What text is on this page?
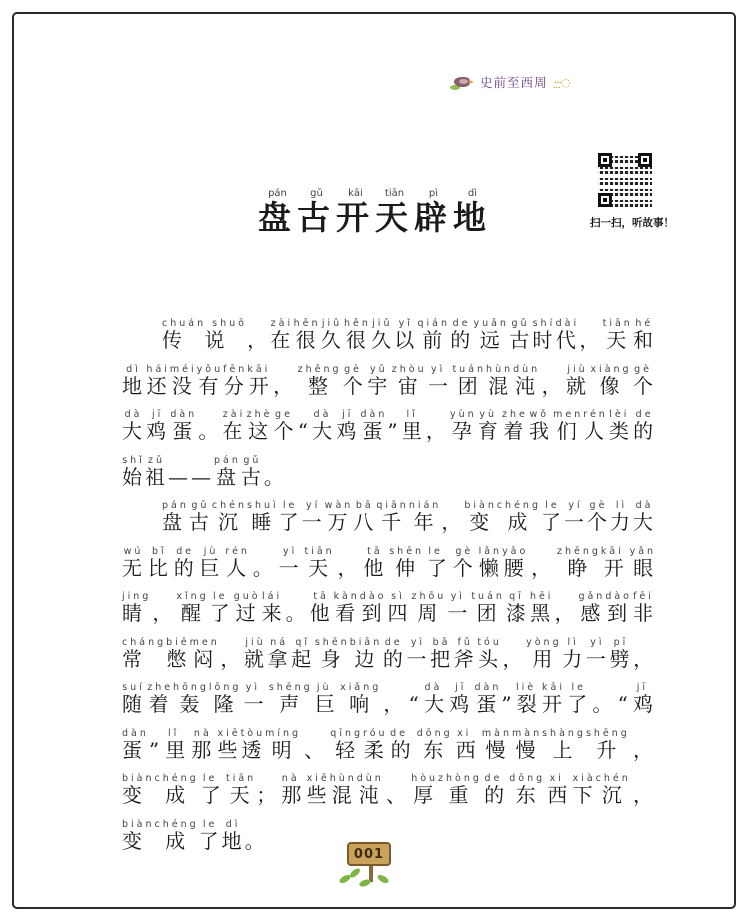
史前至西周 ·̣·̣·̣◌
扫一扫，听故事！
盘pán古gǔ开kāi天tiān辟pì地dì

传说chuán shuō， 在zài很hěn久jiǔ很hěn久jiǔ以yǐ前qián的de远yuǎn古gǔ时shí代dài， 天tiān和hé地dì还hái没méi有yǒu分fēn开kāi， 整zhěng个gè宇yǔ宙zhòu一yì团tuán混hùn沌dùn， 就jiù像xiàng个gè大dà鸡jī蛋dàn。 在zài这zhè个ge“ 大dà鸡jī蛋dàn” 里lǐ， 孕yùn育yù着zhe我wǒ们men人rén类lèi的de始shǐ祖zǔ—— 盘pán古gǔ。

盘pán古gǔ沉chén睡shuì了le一yí万wàn八bā千qiān年nián， 变biàn成chéng了le一yí个gè力lì大dà无wú比bǐ的de巨jù人rén。 一yì天tiān， 他tā伸shēn了le个gè懒lǎn腰yāo， 睁zhēng开kāi眼yǎn睛jing， 醒xǐng了le过guò来lái。 他tā看kàn到dào四sì周zhōu一yì团tuán漆qī黑hēi， 感gǎn到dào非fēi常cháng憋biē闷men， 就jiù拿ná起qǐ身shēn边biān的de一yì把bǎ斧fǔ头tóu， 用yòng力lì一yì劈pī， 随suí着zhe轰hōng隆lōng一yì声shēng巨jù响xiǎng， “ 大dà鸡jī蛋dàn” 裂liè开kāi了le。 “ 鸡jī蛋dàn” 里lǐ那nà些xiē透tòu明míng、 轻qīng柔róu的de东dōng西xi慢màn慢màn上shàng升shēng， 变biàn成chéng了le天tiān； 那nà些xiē混hùn沌dùn、 厚hòu重zhòng的de东dōng西xi下xià沉chén， 变biàn成chéng了le地dì。

001
